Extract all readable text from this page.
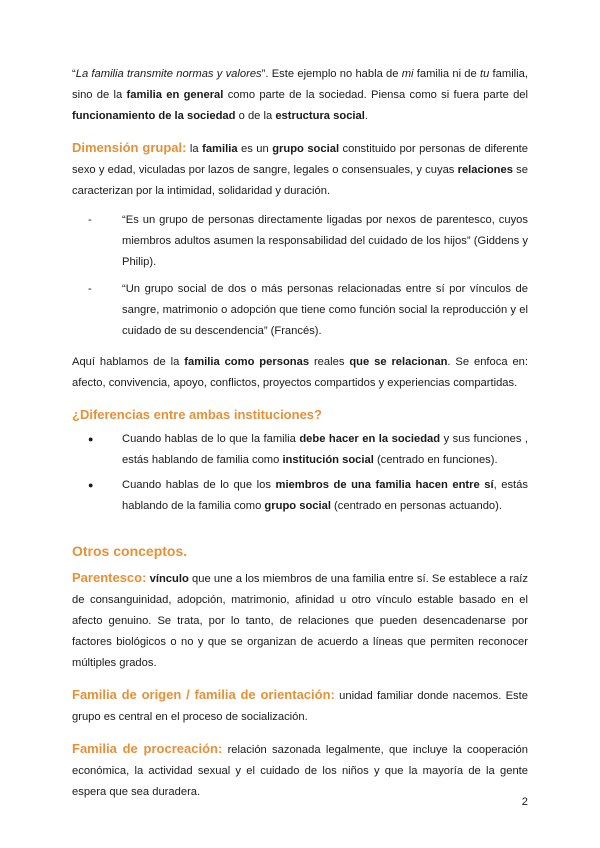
“La familia transmite normas y valores”. Este ejemplo no habla de mi familia ni de tu familia, sino de la familia en general como parte de la sociedad. Piensa como si fuera parte del funcionamiento de la sociedad o de la estructura social.

Dimensión grupal: la familia es un grupo social constituido por personas de diferente sexo y edad, viculadas por lazos de sangre, legales o consensuales, y cuyas relaciones se caracterizan por la intimidad, solidaridad y duración.

-	“Es un grupo de personas directamente ligadas por nexos de parentesco, cuyos miembros adultos asumen la responsabilidad del cuidado de los hijos” (Giddens y Philip).
-	“Un grupo social de dos o más personas relacionadas entre sí por vínculos de sangre, matrimonio o adopción que tiene como función social la reproducción y el cuidado de su descendencia” (Francés).

Aquí hablamos de la familia como personas reales que se relacionan. Se enfoca en: afecto, convivencia, apoyo, conflictos, proyectos compartidos y experiencias compartidas.

¿Diferencias entre ambas instituciones?

●	Cuando hablas de lo que la familia debe hacer en la sociedad y sus funciones , estás hablando de familia como institución social (centrado en funciones).
●	Cuando hablas de lo que los miembros de una familia hacen entre sí, estás hablando de la familia como grupo social (centrado en personas actuando).
Otros conceptos.

Parentesco: vínculo que une a los miembros de una familia entre sí. Se establece a raíz de consanguinidad, adopción, matrimonio, afinidad u otro vínculo estable basado en el afecto genuino. Se trata, por lo tanto, de relaciones que pueden desencadenarse por factores biológicos o no y que se organizan de acuerdo a líneas que permiten reconocer múltiples grados.

Familia de origen / familia de orientación: unidad familiar donde nacemos. Este grupo es central en el proceso de socialización.

Familia de procreación: relación sazonada legalmente, que incluye la cooperación económica, la actividad sexual y el cuidado de los niños y que la mayoría de la gente espera que sea duradera.

2
